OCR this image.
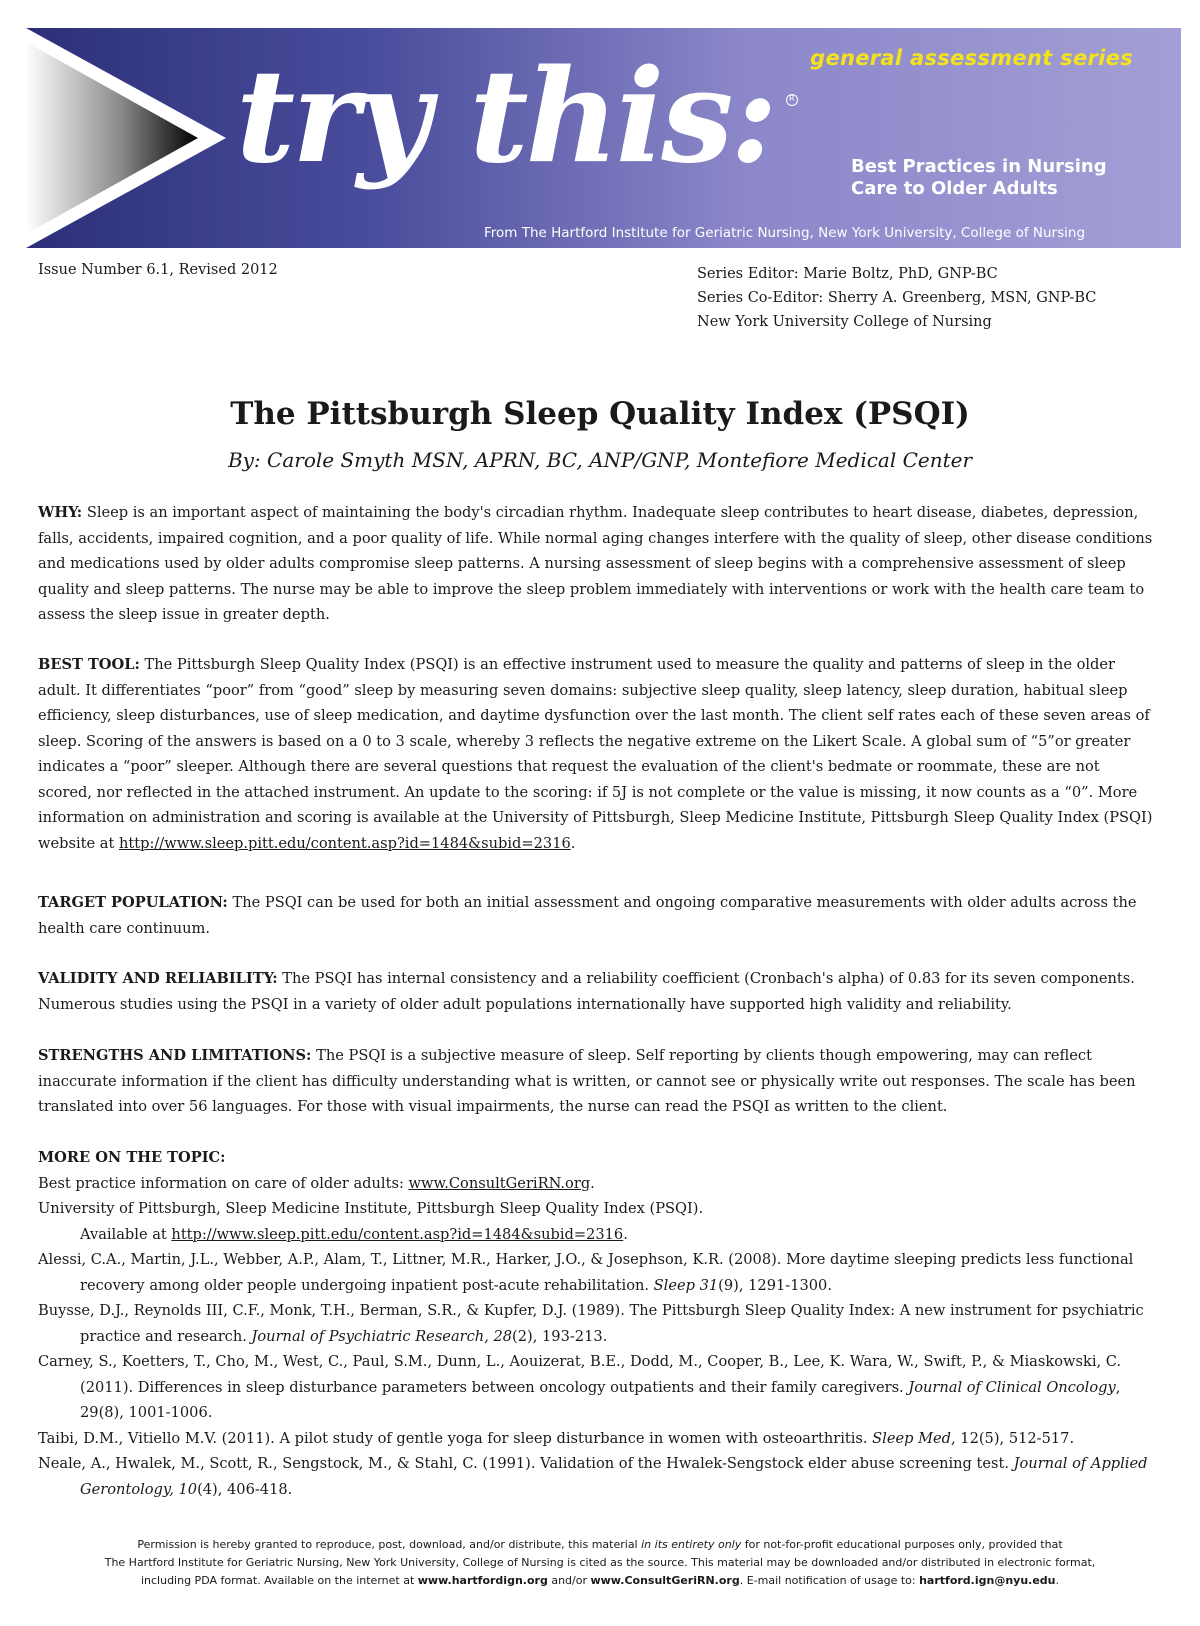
general assessment series
try this:
R	Best Practices in Nursing
Care to Older Adults
From The Hartford Institute for Geriatric Nursing, New York University, College of Nursing
Issue Number 6.1, Revised 2012	Series Editor: Marie Boltz, PhD, GNP-BC
Series Co-Editor: Sherry A. Greenberg, MSN, GNP-BC
New York University College of Nursing
The Pittsburgh Sleep Quality Index (PSQI)
By: Carole Smyth MSN, APRN, BC, ANP/GNP, Montefiore Medical Center

WHY: Sleep is an important aspect of maintaining the body's circadian rhythm. Inadequate sleep contributes to heart disease, diabetes, depression, falls, accidents, impaired cognition, and a poor quality of life. While normal aging changes interfere with the quality of sleep, other disease conditions and medications used by older adults compromise sleep patterns. A nursing assessment of sleep begins with a comprehensive assessment of sleep quality and sleep patterns. The nurse may be able to improve the sleep problem immediately with interventions or work with the health care team to assess the sleep issue in greater depth.

BEST TOOL: The Pittsburgh Sleep Quality Index (PSQI) is an effective instrument used to measure the quality and patterns of sleep in the older adult. It differentiates “poor” from “good” sleep by measuring seven domains: subjective sleep quality, sleep latency, sleep duration, habitual sleep efficiency, sleep disturbances, use of sleep medication, and daytime dysfunction over the last month. The client self rates each of these seven areas of sleep. Scoring of the answers is based on a 0 to 3 scale, whereby 3 reflects the negative extreme on the Likert Scale. A global sum of “5”or greater indicates a “poor” sleeper. Although there are several questions that request the evaluation of the client's bedmate or roommate, these are not scored, nor reflected in the attached instrument. An update to the scoring: if 5J is not complete or the value is missing, it now counts as a “0”. More information on administration and scoring is available at the University of Pittsburgh, Sleep Medicine Institute, Pittsburgh Sleep Quality Index (PSQI) website at http://www.sleep.pitt.edu/content.asp?id=1484&subid=2316.

TARGET POPULATION: The PSQI can be used for both an initial assessment and ongoing comparative measurements with older adults across the health care continuum.

VALIDITY AND RELIABILITY: The PSQI has internal consistency and a reliability coefficient (Cronbach's alpha) of 0.83 for its seven components. Numerous studies using the PSQI in a variety of older adult populations internationally have supported high validity and reliability.

STRENGTHS AND LIMITATIONS: The PSQI is a subjective measure of sleep. Self reporting by clients though empowering, may can reflect inaccurate information if the client has difficulty understanding what is written, or cannot see or physically write out responses. The scale has been translated into over 56 languages. For those with visual impairments, the nurse can read the PSQI as written to the client.

MORE ON THE TOPIC:

Best practice information on care of older adults: www.ConsultGeriRN.org.

University of Pittsburgh, Sleep Medicine Institute, Pittsburgh Sleep Quality Index (PSQI).

Available at http://www.sleep.pitt.edu/content.asp?id=1484&subid=2316.

Alessi, C.A., Martin, J.L., Webber, A.P., Alam, T., Littner, M.R., Harker, J.O., & Josephson, K.R. (2008). More daytime sleeping predicts less functional recovery among older people undergoing inpatient post-acute rehabilitation. Sleep 31(9), 1291-1300.

Buysse, D.J., Reynolds III, C.F., Monk, T.H., Berman, S.R., & Kupfer, D.J. (1989). The Pittsburgh Sleep Quality Index: A new instrument for psychiatric practice and research. Journal of Psychiatric Research, 28(2), 193-213.

Carney, S., Koetters, T., Cho, M., West, C., Paul, S.M., Dunn, L., Aouizerat, B.E., Dodd, M., Cooper, B., Lee, K. Wara, W., Swift, P., & Miaskowski, C. (2011). Differences in sleep disturbance parameters between oncology outpatients and their family caregivers. Journal of Clinical Oncology, 29(8), 1001-1006.

Taibi, D.M., Vitiello M.V. (2011). A pilot study of gentle yoga for sleep disturbance in women with osteoarthritis. Sleep Med, 12(5), 512-517.

Neale, A., Hwalek, M., Scott, R., Sengstock, M., & Stahl, C. (1991). Validation of the Hwalek-Sengstock elder abuse screening test. Journal of Applied Gerontology, 10(4), 406-418.

Permission is hereby granted to reproduce, post, download, and/or distribute, this material in its entirety only for not-for-profit educational purposes only, provided that
The Hartford Institute for Geriatric Nursing, New York University, College of Nursing is cited as the source. This material may be downloaded and/or distributed in electronic format,
including PDA format. Available on the internet at www.hartfordign.org and/or www.ConsultGeriRN.org. E-mail notification of usage to: hartford.ign@nyu.edu.
